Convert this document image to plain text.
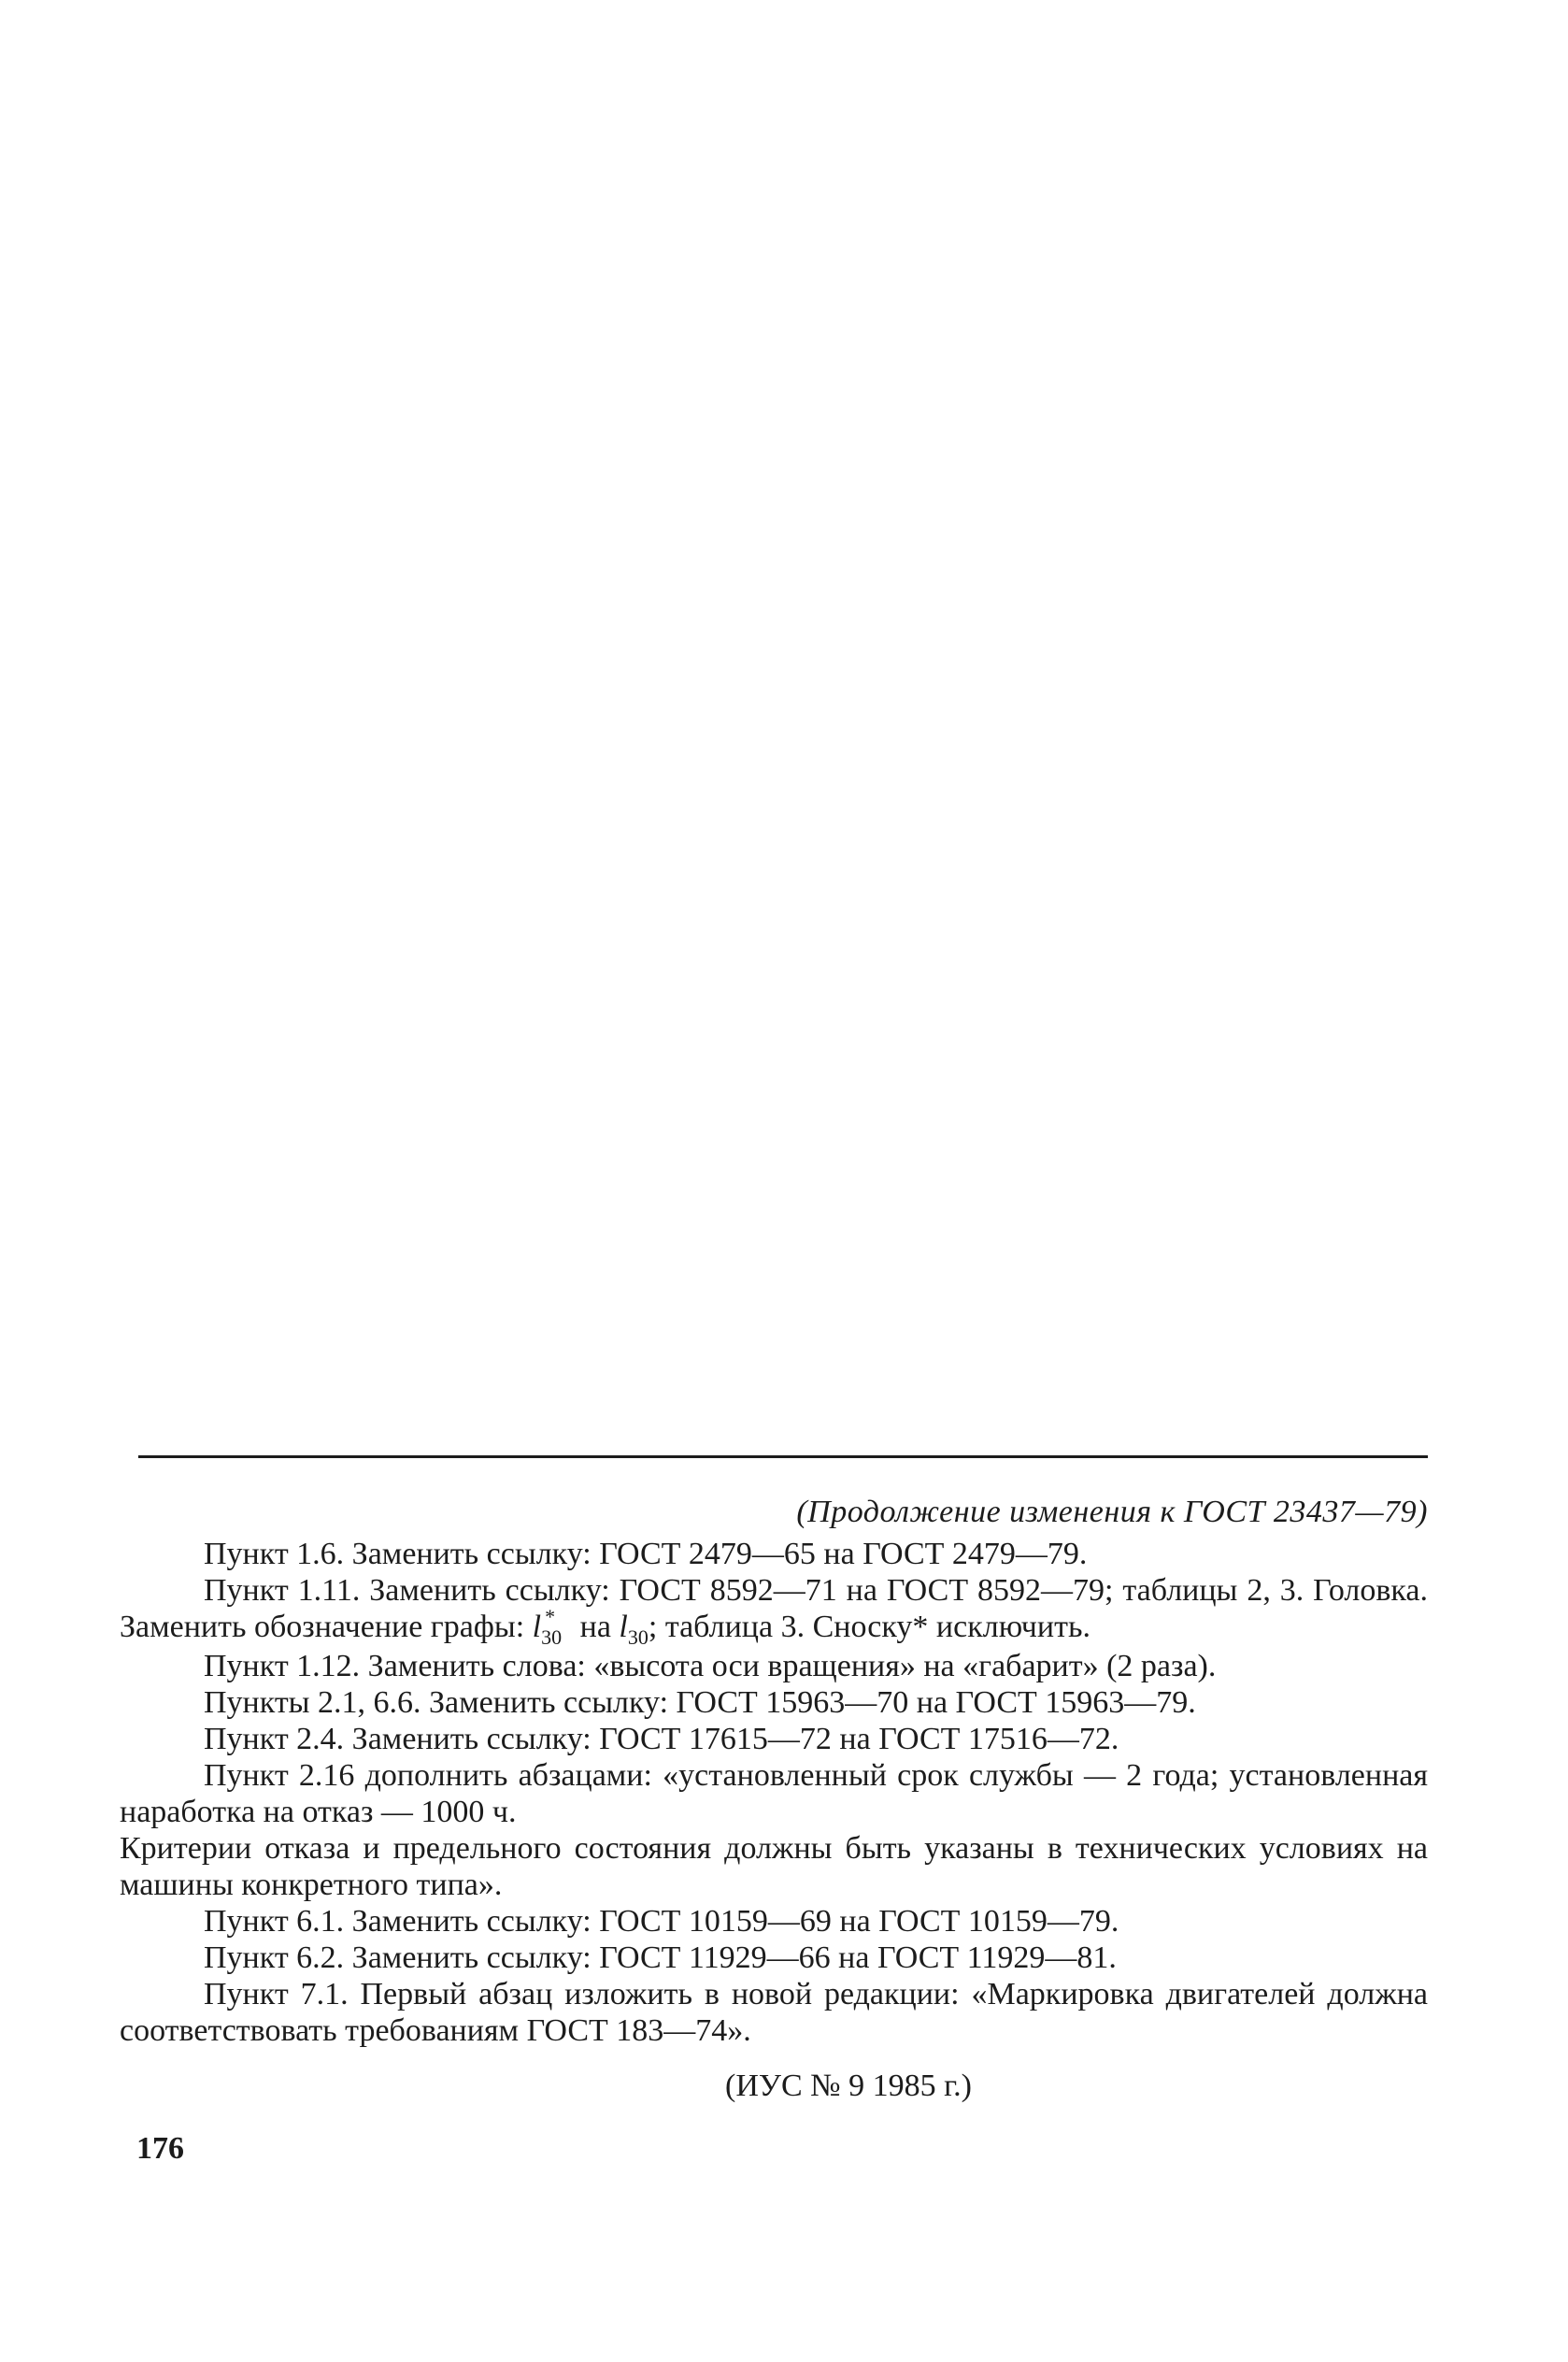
(Продолжение изменения к ГОСТ 23437—79)

Пункт 1.6. Заменить ссылку: ГОСТ 2479—65 на ГОСТ 2479—79.

Пункт 1.11. Заменить ссылку: ГОСТ 8592—71 на ГОСТ 8592—79; таблицы 2, 3. Головка. Заменить обозначение графы: $l_{30}^*$ на $l_{30}$; таблица 3. Сноску* исключить.

Пункт 1.12. Заменить слова: «высота оси вращения» на «габарит» (2 раза).

Пункты 2.1, 6.6. Заменить ссылку: ГОСТ 15963—70 на ГОСТ 15963—79.

Пункт 2.4. Заменить ссылку: ГОСТ 17615—72 на ГОСТ 17516—72.

Пункт 2.16 дополнить абзацами: «установленный срок службы — 2 года; установленная наработка на отказ — 1000 ч.

Критерии отказа и предельного состояния должны быть указаны в технических условиях на машины конкретного типа».

Пункт 6.1. Заменить ссылку: ГОСТ 10159—69 на ГОСТ 10159—79.

Пункт 6.2. Заменить ссылку: ГОСТ 11929—66 на ГОСТ 11929—81.

Пункт 7.1. Первый абзац изложить в новой редакции: «Маркировка двигателей должна соответствовать требованиям ГОСТ 183—74».

(ИУС № 9 1985 г.)

176
